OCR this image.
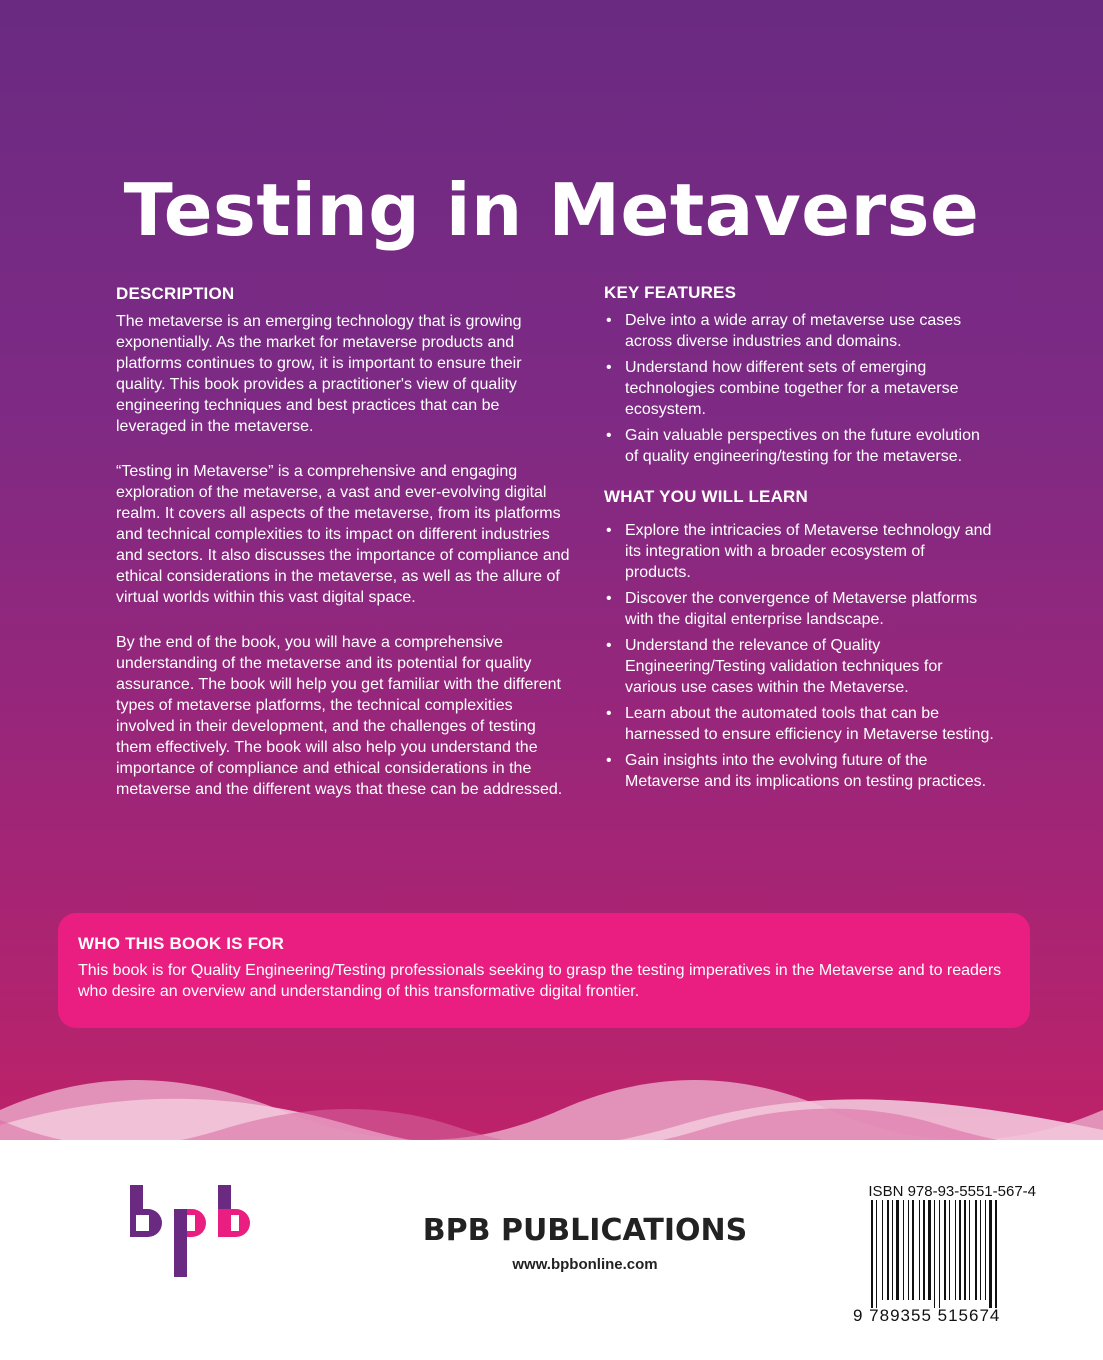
Testing in Metaverse
DESCRIPTION

The metaverse is an emerging technology that is growing exponentially. As the market for metaverse products and platforms continues to grow, it is important to ensure their quality. This book provides a practitioner's view of quality engineering techniques and best practices that can be leveraged in the metaverse.

“Testing in Metaverse” is a comprehensive and engaging exploration of the metaverse, a vast and ever-evolving digital realm. It covers all aspects of the metaverse, from its platforms and technical complexities to its impact on different industries and sectors. It also discusses the importance of compliance and ethical considerations in the metaverse, as well as the allure of virtual worlds within this vast digital space.

By the end of the book, you will have a comprehensive understanding of the metaverse and its potential for quality assurance. The book will help you get familiar with the different types of metaverse platforms, the technical complexities involved in their development, and the challenges of testing them effectively. The book will also help you understand the importance of compliance and ethical considerations in the metaverse and the different ways that these can be addressed.

KEY FEATURES
• Delve into a wide array of metaverse use cases across diverse industries and domains.
• Understand how different sets of emerging technologies combine together for a metaverse ecosystem.
• Gain valuable perspectives on the future evolution of quality engineering/testing for the metaverse.
WHAT YOU WILL LEARN
• Explore the intricacies of Metaverse technology and its integration with a broader ecosystem of products.
• Discover the convergence of Metaverse platforms with the digital enterprise landscape.
• Understand the relevance of Quality Engineering/Testing validation techniques for various use cases within the Metaverse.
• Learn about the automated tools that can be harnessed to ensure efficiency in Metaverse testing.
• Gain insights into the evolving future of the Metaverse and its implications on testing practices.
WHO THIS BOOK IS FOR

This book is for Quality Engineering/Testing professionals seeking to grasp the testing imperatives in the Metaverse and to readers who desire an overview and understanding of this transformative digital frontier.

BPB PUBLICATIONS
www.bpbonline.com
ISBN 978-93-5551-567-4
9 789355 515674
